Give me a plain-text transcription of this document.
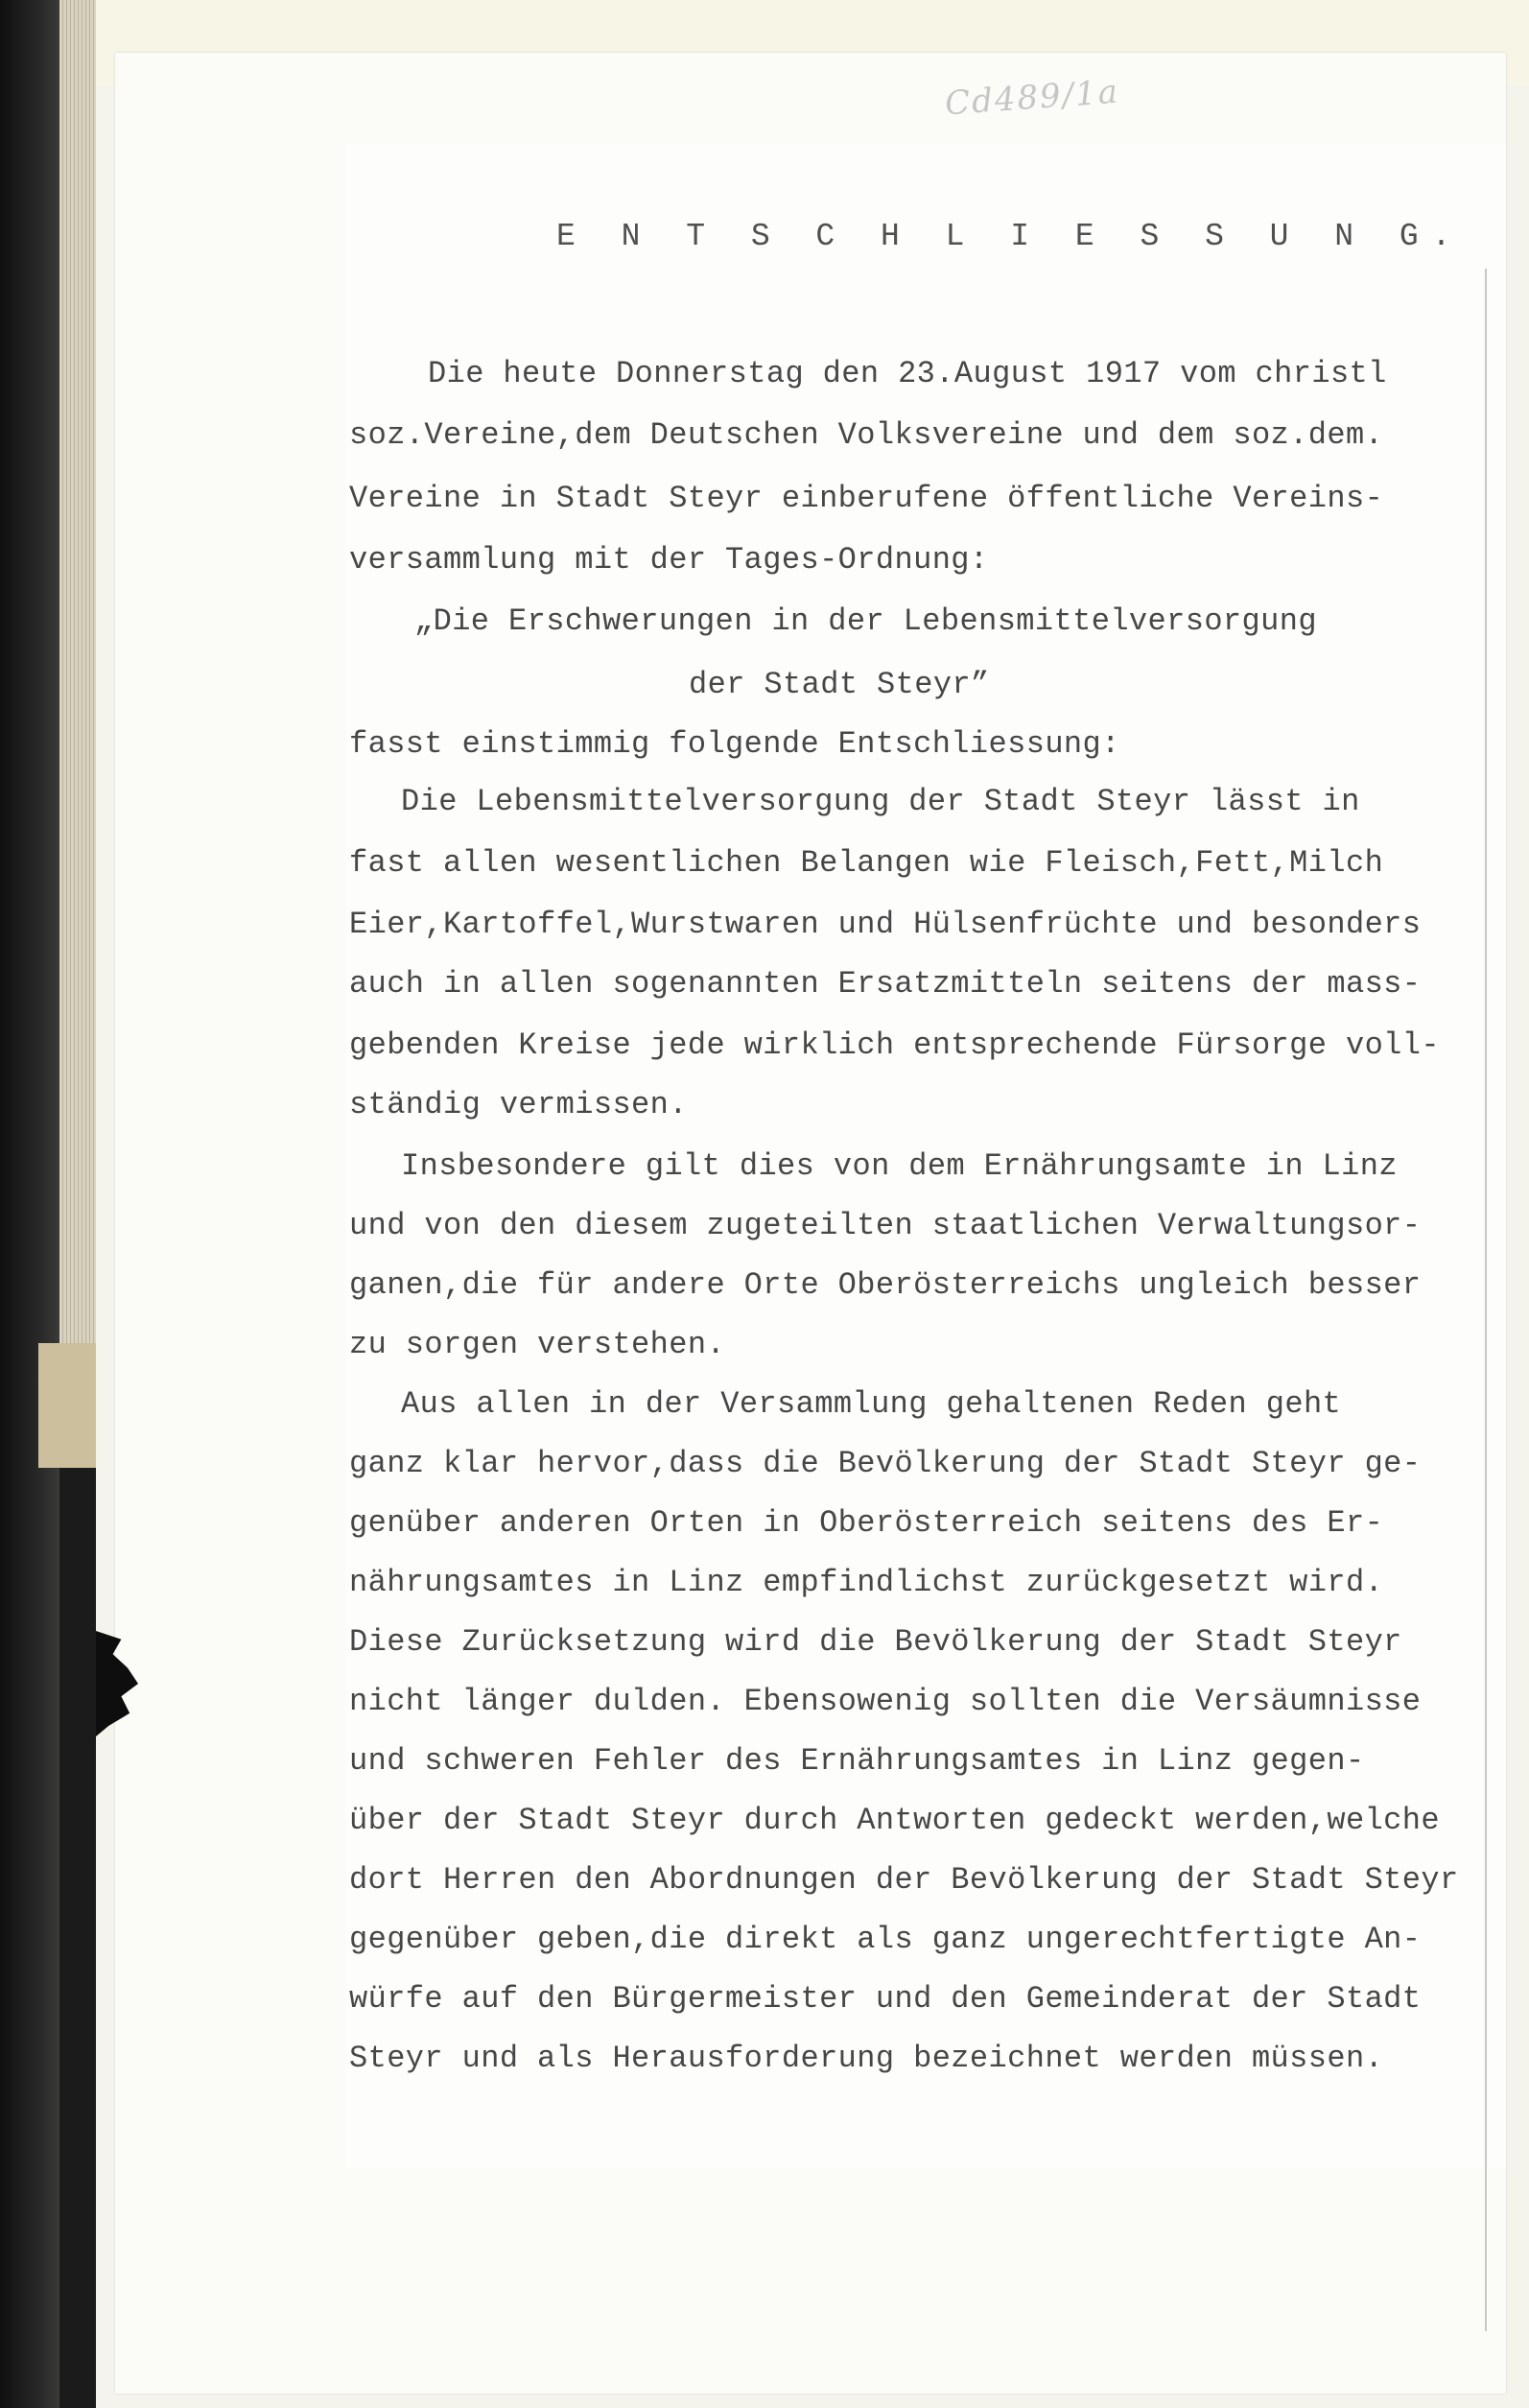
Cd489/1a
E N T S C H L I E S S U N G.
Die heute Donnerstag den 23.August 1917 vom christl
soz.Vereine,dem Deutschen Volksvereine und dem soz.dem.
Vereine in Stadt Steyr einberufene öffentliche Vereins-
versammlung mit der Tages-Ordnung:
„Die Erschwerungen in der Lebensmittelversorgung
der Stadt Steyr”
fasst einstimmig folgende Entschliessung:
Die Lebensmittelversorgung der Stadt Steyr lässt in
fast allen wesentlichen Belangen wie Fleisch,Fett,Milch
Eier,Kartoffel,Wurstwaren und Hülsenfrüchte und besonders
auch in allen sogenannten Ersatzmitteln seitens der mass-
gebenden Kreise jede wirklich entsprechende Fürsorge voll-
ständig vermissen.
Insbesondere gilt dies von dem Ernährungsamte in Linz
und von den diesem zugeteilten staatlichen Verwaltungsor-
ganen,die für andere Orte Oberösterreichs ungleich besser
zu sorgen verstehen.
Aus allen in der Versammlung gehaltenen Reden geht
ganz klar hervor,dass die Bevölkerung der Stadt Steyr ge-
genüber anderen Orten in Oberösterreich seitens des Er-
nährungsamtes in Linz empfindlichst zurückgesetzt wird.
Diese Zurücksetzung wird die Bevölkerung der Stadt Steyr
nicht länger dulden. Ebensowenig sollten die Versäumnisse
und schweren Fehler des Ernährungsamtes in Linz gegen-
über der Stadt Steyr durch Antworten gedeckt werden,welche
dort Herren den Abordnungen der Bevölkerung der Stadt Steyr
gegenüber geben,die direkt als ganz ungerechtfertigte An-
würfe auf den Bürgermeister und den Gemeinderat der Stadt
Steyr und als Herausforderung bezeichnet werden müssen.
